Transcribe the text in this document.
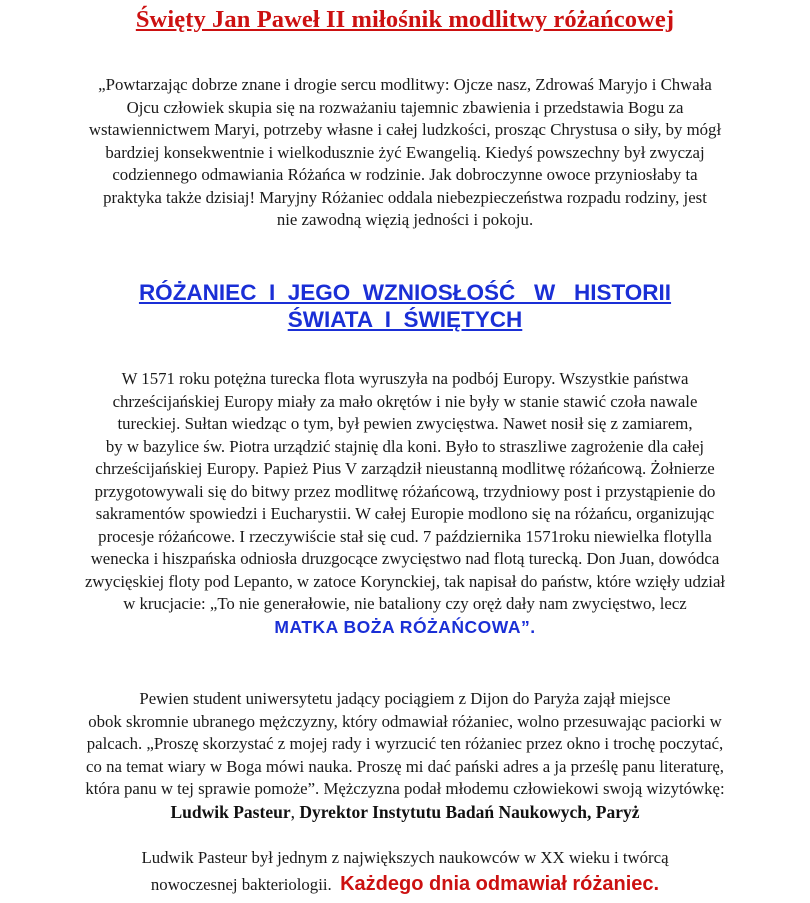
Święty Jan Paweł II miłośnik modlitwy różańcowej
„Powtarzając dobrze znane i drogie sercu modlitwy: Ojcze nasz, Zdrowaś Maryjo i Chwała
Ojcu człowiek skupia się na rozważaniu tajemnic zbawienia i przedstawia Bogu za
wstawiennictwem Maryi, potrzeby własne i całej ludzkości, prosząc Chrystusa o siły, by mógł
bardziej konsekwentnie i wielkodusznie żyć Ewangelią. Kiedyś powszechny był zwyczaj
codziennego odmawiania Różańca w rodzinie. Jak dobroczynne owoce przyniosłaby ta
praktyka także dzisiaj! Maryjny Różaniec oddala niebezpieczeństwa rozpadu rodziny, jest
nie zawodną więzią jedności i pokoju.
RÓŻANIEC  I  JEGO  WZNIOSŁOŚĆ   W   HISTORII
ŚWIATA  I  ŚWIĘTYCH
W 1571 roku potężna turecka flota wyruszyła na podbój Europy. Wszystkie państwa
chrześcijańskiej Europy miały za mało okrętów i nie były w stanie stawić czoła nawale
tureckiej. Sułtan wiedząc o tym, był pewien zwycięstwa. Nawet nosił się z zamiarem,
by w bazylice św. Piotra urządzić stajnię dla koni. Było to straszliwe zagrożenie dla całej
chrześcijańskiej Europy. Papież Pius V zarządził nieustanną modlitwę różańcową. Żołnierze
przygotowywali się do bitwy przez modlitwę różańcową, trzydniowy post i przystąpienie do
sakramentów spowiedzi i Eucharystii. W całej Europie modlono się na różańcu, organizując
procesje różańcowe. I rzeczywiście stał się cud. 7 października 1571roku niewielka flotylla
wenecka i hiszpańska odniosła druzgocące zwycięstwo nad flotą turecką. Don Juan, dowódca
zwycięskiej floty pod Lepanto, w zatoce Korynckiej, tak napisał do państw, które wzięły udział
w krucjacie: „To nie generałowie, nie bataliony czy oręż dały nam zwycięstwo, lecz
MATKA BOŻA RÓŻAŃCOWA”.
Pewien student uniwersytetu jadący pociągiem z Dijon do Paryża zajął miejsce
obok skromnie ubranego mężczyzny, który odmawiał różaniec, wolno przesuwając paciorki w
palcach. „Proszę skorzystać z mojej rady i wyrzucić ten różaniec przez okno i trochę poczytać,
co na temat wiary w Boga mówi nauka. Proszę mi dać pański adres a ja prześlę panu literaturę,
która panu w tej sprawie pomoże”. Mężczyzna podał młodemu człowiekowi swoją wizytówkę:
Ludwik Pasteur, Dyrektor Instytutu Badań Naukowych, Paryż
Ludwik Pasteur był jednym z największych naukowców w XX wieku i twórcą
nowoczesnej bakteriologii.  Każdego dnia odmawiał różaniec.
